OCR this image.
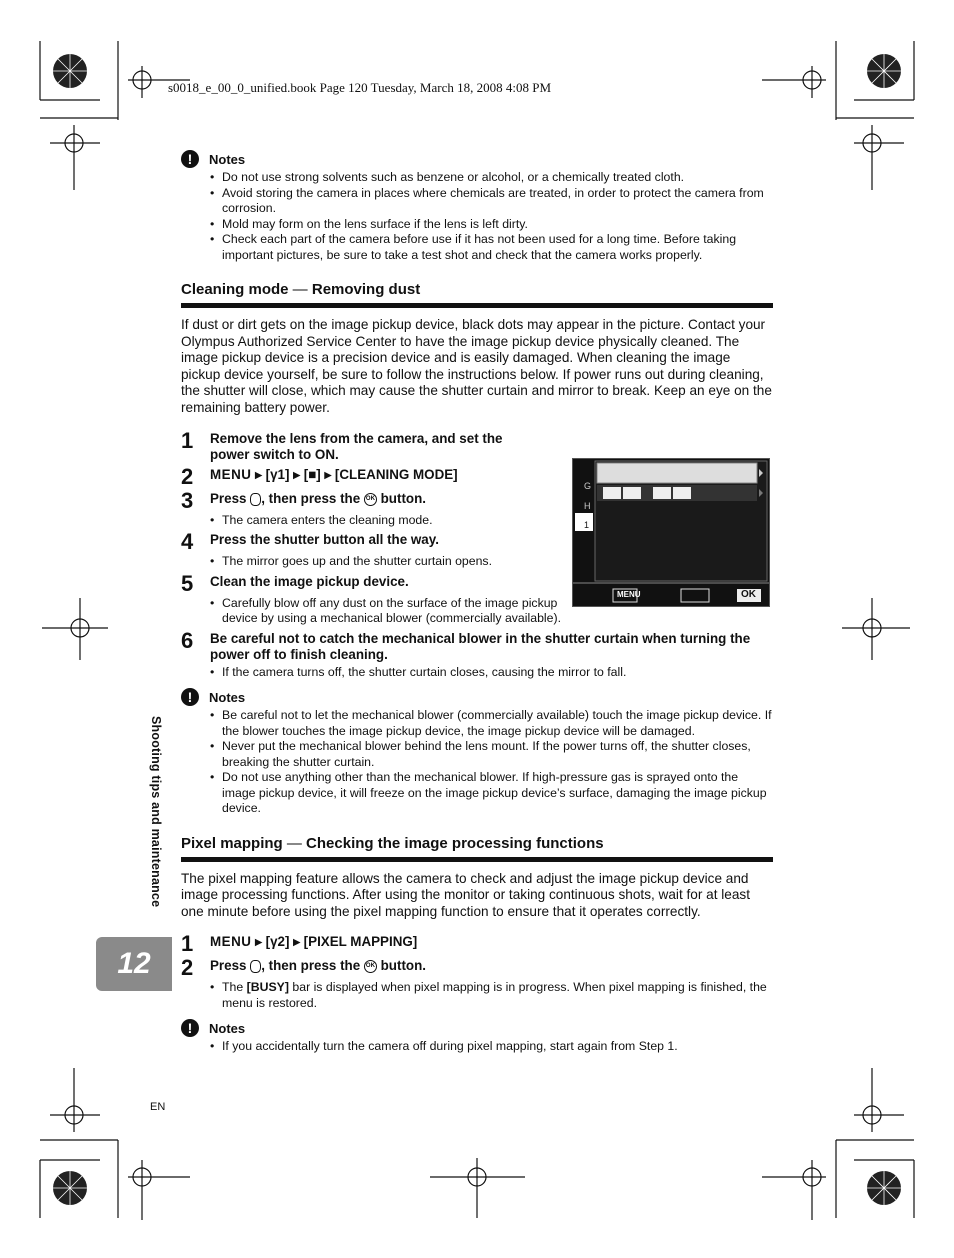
s0018_e_00_0_unified.book Page 120 Tuesday, March 18, 2008 4:08 PM
!	Notes
• Do not use strong solvents such as benzene or alcohol, or a chemically treated cloth.
• Avoid storing the camera in places where chemicals are treated, in order to protect the camera from corrosion.
• Mold may form on the lens surface if the lens is left dirty.
• Check each part of the camera before use if it has not been used for a long time. Before taking important pictures, be sure to take a test shot and check that the camera works properly.
Cleaning mode — Removing dust
If dust or dirt gets on the image pickup device, black dots may appear in the picture. Contact your Olympus Authorized Service Center to have the image pickup device physically cleaned. The image pickup device is a precision device and is easily damaged. When cleaning the image pickup device yourself, be sure to follow the instructions below. If power runs out during cleaning, the shutter will close, which may cause the shutter curtain and mirror to break. Keep an eye on the remaining battery power.
1	Remove the lens from the camera, and set the power switch to ON.
2	MENU ▸ [γ1] ▸ [■] ▸ [CLEANING MODE]
3	Press , then press the OK button.
• The camera enters the cleaning mode.
4	Press the shutter button all the way.
• The mirror goes up and the shutter curtain opens.
5	Clean the image pickup device.
• Carefully blow off any dust on the surface of the image pickup device by using a mechanical blower (commercially available).
6	Be careful not to catch the mechanical blower in the shutter curtain when turning the power off to finish cleaning.
• If the camera turns off, the shutter curtain closes, causing the mirror to fall.
!	Notes
• Be careful not to let the mechanical blower (commercially available) touch the image pickup device. If the blower touches the image pickup device, the image pickup device will be damaged.
• Never put the mechanical blower behind the lens mount. If the power turns off, the shutter closes, breaking the shutter curtain.
• Do not use anything other than the mechanical blower. If high-pressure gas is sprayed onto the image pickup device, it will freeze on the image pickup device’s surface, damaging the image pickup device.
Pixel mapping — Checking the image processing functions
The pixel mapping feature allows the camera to check and adjust the image pickup device and image processing functions. After using the monitor or taking continuous shots, wait for at least one minute before using the pixel mapping function to ensure that it operates correctly.
1	MENU ▸ [γ2] ▸ [PIXEL MAPPING]
2	Press , then press the OK button.
• The [BUSY] bar is displayed when pixel mapping is in progress. When pixel mapping is finished, the menu is restored.
!	Notes
• If you accidentally turn the camera off during pixel mapping, start again from Step 1.
G
H
1
MENU	OK
Shooting tips and maintenance
12
EN
